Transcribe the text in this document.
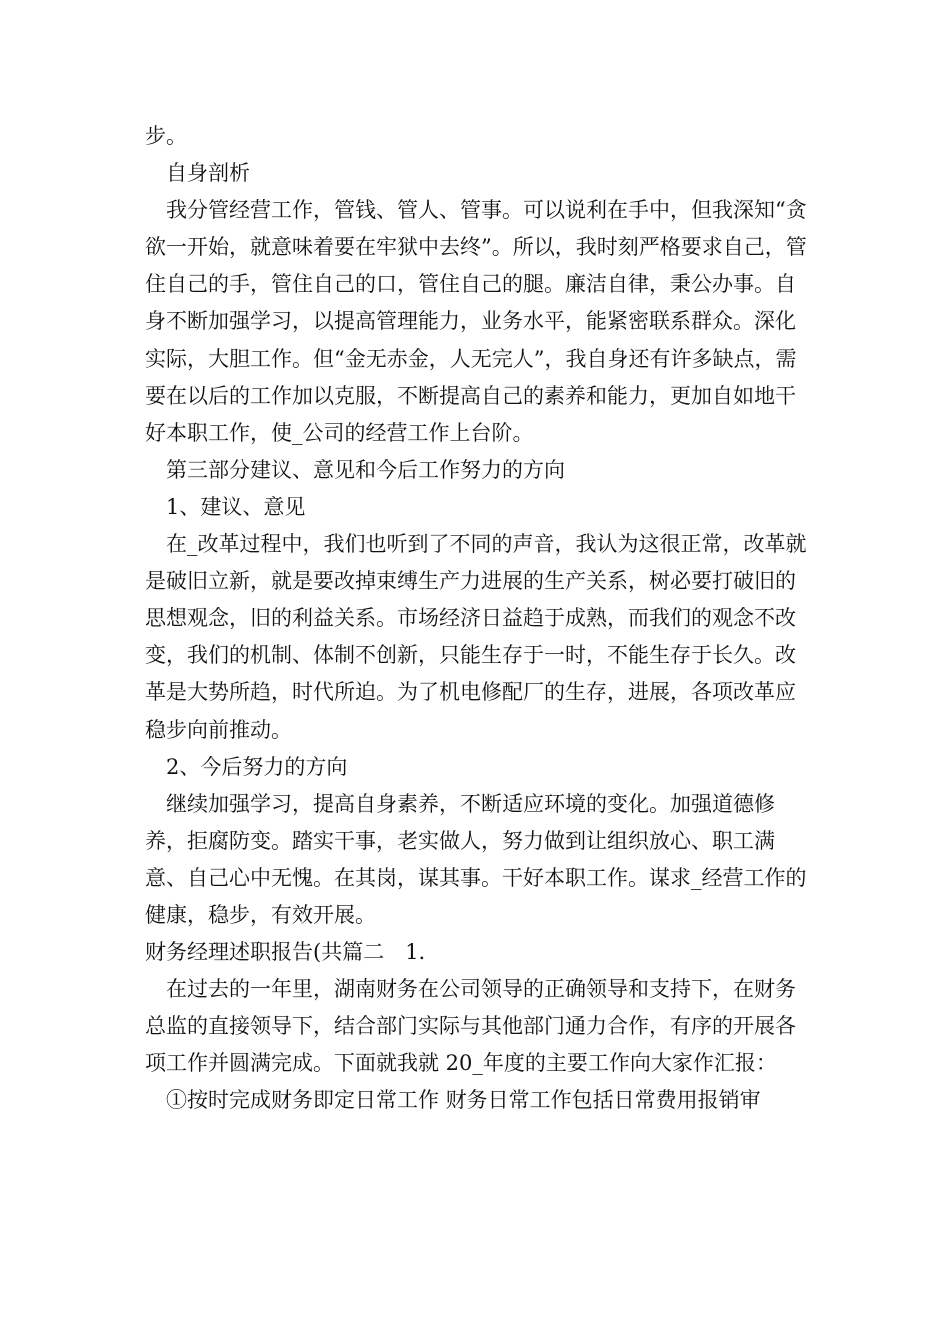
步。

自身剖析

我分管经营工作，管钱、管人、管事。可以说利在手中，但我深知“贪欲一开始，就意味着要在牢狱中去终”。所以，我时刻严格要求自己，管住自己的手，管住自己的口，管住自己的腿。廉洁自律，秉公办事。自身不断加强学习，以提高管理能力，业务水平，能紧密联系群众。深化实际，大胆工作。但“金无赤金，人无完人”，我自身还有许多缺点，需要在以后的工作加以克服，不断提高自己的素养和能力，更加自如地干好本职工作，使_公司的经营工作上台阶。

第三部分建议、意见和今后工作努力的方向

1、建议、意见

在_改革过程中，我们也听到了不同的声音，我认为这很正常，改革就是破旧立新，就是要改掉束缚生产力进展的生产关系，树必要打破旧的思想观念，旧的利益关系。市场经济日益趋于成熟，而我们的观念不改变，我们的机制、体制不创新，只能生存于一时，不能生存于长久。改革是大势所趋，时代所迫。为了机电修配厂的生存，进展，各项改革应稳步向前推动。

2、今后努力的方向

继续加强学习，提高自身素养，不断适应环境的变化。加强道德修养，拒腐防变。踏实干事，老实做人，努力做到让组织放心、职工满意、自己心中无愧。在其岗，谋其事。干好本职工作。谋求_经营工作的健康，稳步，有效开展。

财务经理述职报告(共篇二　1.

在过去的一年里，湖南财务在公司领导的正确领导和支持下，在财务总监的直接领导下，结合部门实际与其他部门通力合作，有序的开展各项工作并圆满完成。下面就我就 20_年度的主要工作向大家作汇报：

①按时完成财务即定日常工作 财务日常工作包括日常费用报销审
